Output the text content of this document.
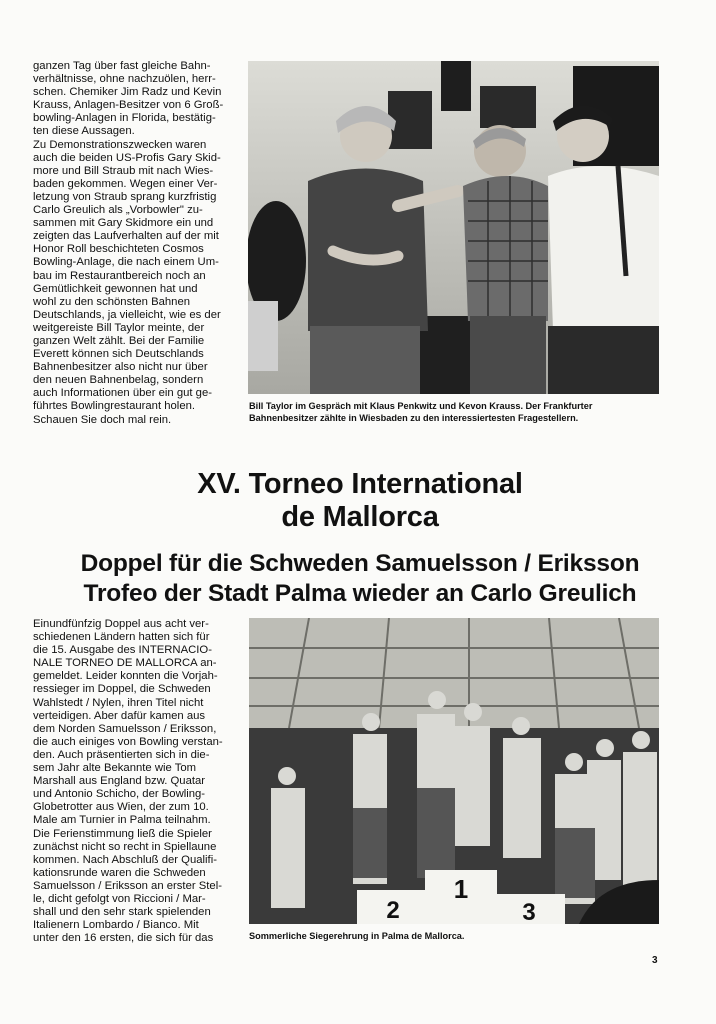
ganzen Tag über fast gleiche Bahn-
verhältnisse, ohne nachzuölen, herr-
schen. Chemiker Jim Radz und Kevin
Krauss, Anlagen-Besitzer von 6 Groß-
bowling-Anlagen in Florida, bestätig-
ten diese Aussagen.
Zu Demonstrationszwecken waren
auch die beiden US-Profis Gary Skid-
more und Bill Straub mit nach Wies-
baden gekommen. Wegen einer Ver-
letzung von Straub sprang kurzfristig
Carlo Greulich als „Vorbowler" zu-
sammen mit Gary Skidmore ein und
zeigten das Laufverhalten auf der mit
Honor Roll beschichteten Cosmos
Bowling-Anlage, die nach einem Um-
bau im Restaurantbereich noch an
Gemütlichkeit gewonnen hat und
wohl zu den schönsten Bahnen
Deutschlands, ja vielleicht, wie es der
weitgereiste Bill Taylor meinte, der
ganzen Welt zählt. Bei der Familie
Everett können sich Deutschlands
Bahnenbesitzer also nicht nur über
den neuen Bahnenbelag, sondern
auch Informationen über ein gut ge-
führtes Bowlingrestaurant holen.
Schauen Sie doch mal rein.
Bill Taylor im Gespräch mit Klaus Penkwitz und Kevon Krauss. Der Frankfurter
Bahnenbesitzer zählte in Wiesbaden zu den interessiertesten Fragestellern.
XV. Torneo International
de Mallorca
Doppel für die Schweden Samuelsson / Eriksson
Trofeo der Stadt Palma wieder an Carlo Greulich
Einundfünfzig Doppel aus acht ver-
schiedenen Ländern hatten sich für
die 15. Ausgabe des INTERNACIO-
NALE TORNEO DE MALLORCA an-
gemeldet. Leider konnten die Vorjah-
ressieger im Doppel, die Schweden
Wahlstedt / Nylen, ihren Titel nicht
verteidigen. Aber dafür kamen aus
dem Norden Samuelsson / Eriksson,
die auch einiges von Bowling verstan-
den. Auch präsentierten sich in die-
sem Jahr alte Bekannte wie Tom
Marshall aus England bzw. Quatar
und Antonio Schicho, der Bowling-
Globetrotter aus Wien, der zum 10.
Male am Turnier in Palma teilnahm.
Die Ferienstimmung ließ die Spieler
zunächst nicht so recht in Spiellaune
kommen. Nach Abschluß der Qualifi-
kationsrunde waren die Schweden
Samuelsson / Eriksson an erster Stel-
le, dicht gefolgt von Riccioni / Mar-
shall und den sehr stark spielenden
Italienern Lombardo / Bianco. Mit
unter den 16 ersten, die sich für das
2
1
3
Sommerliche Siegerehrung in Palma de Mallorca.
3
